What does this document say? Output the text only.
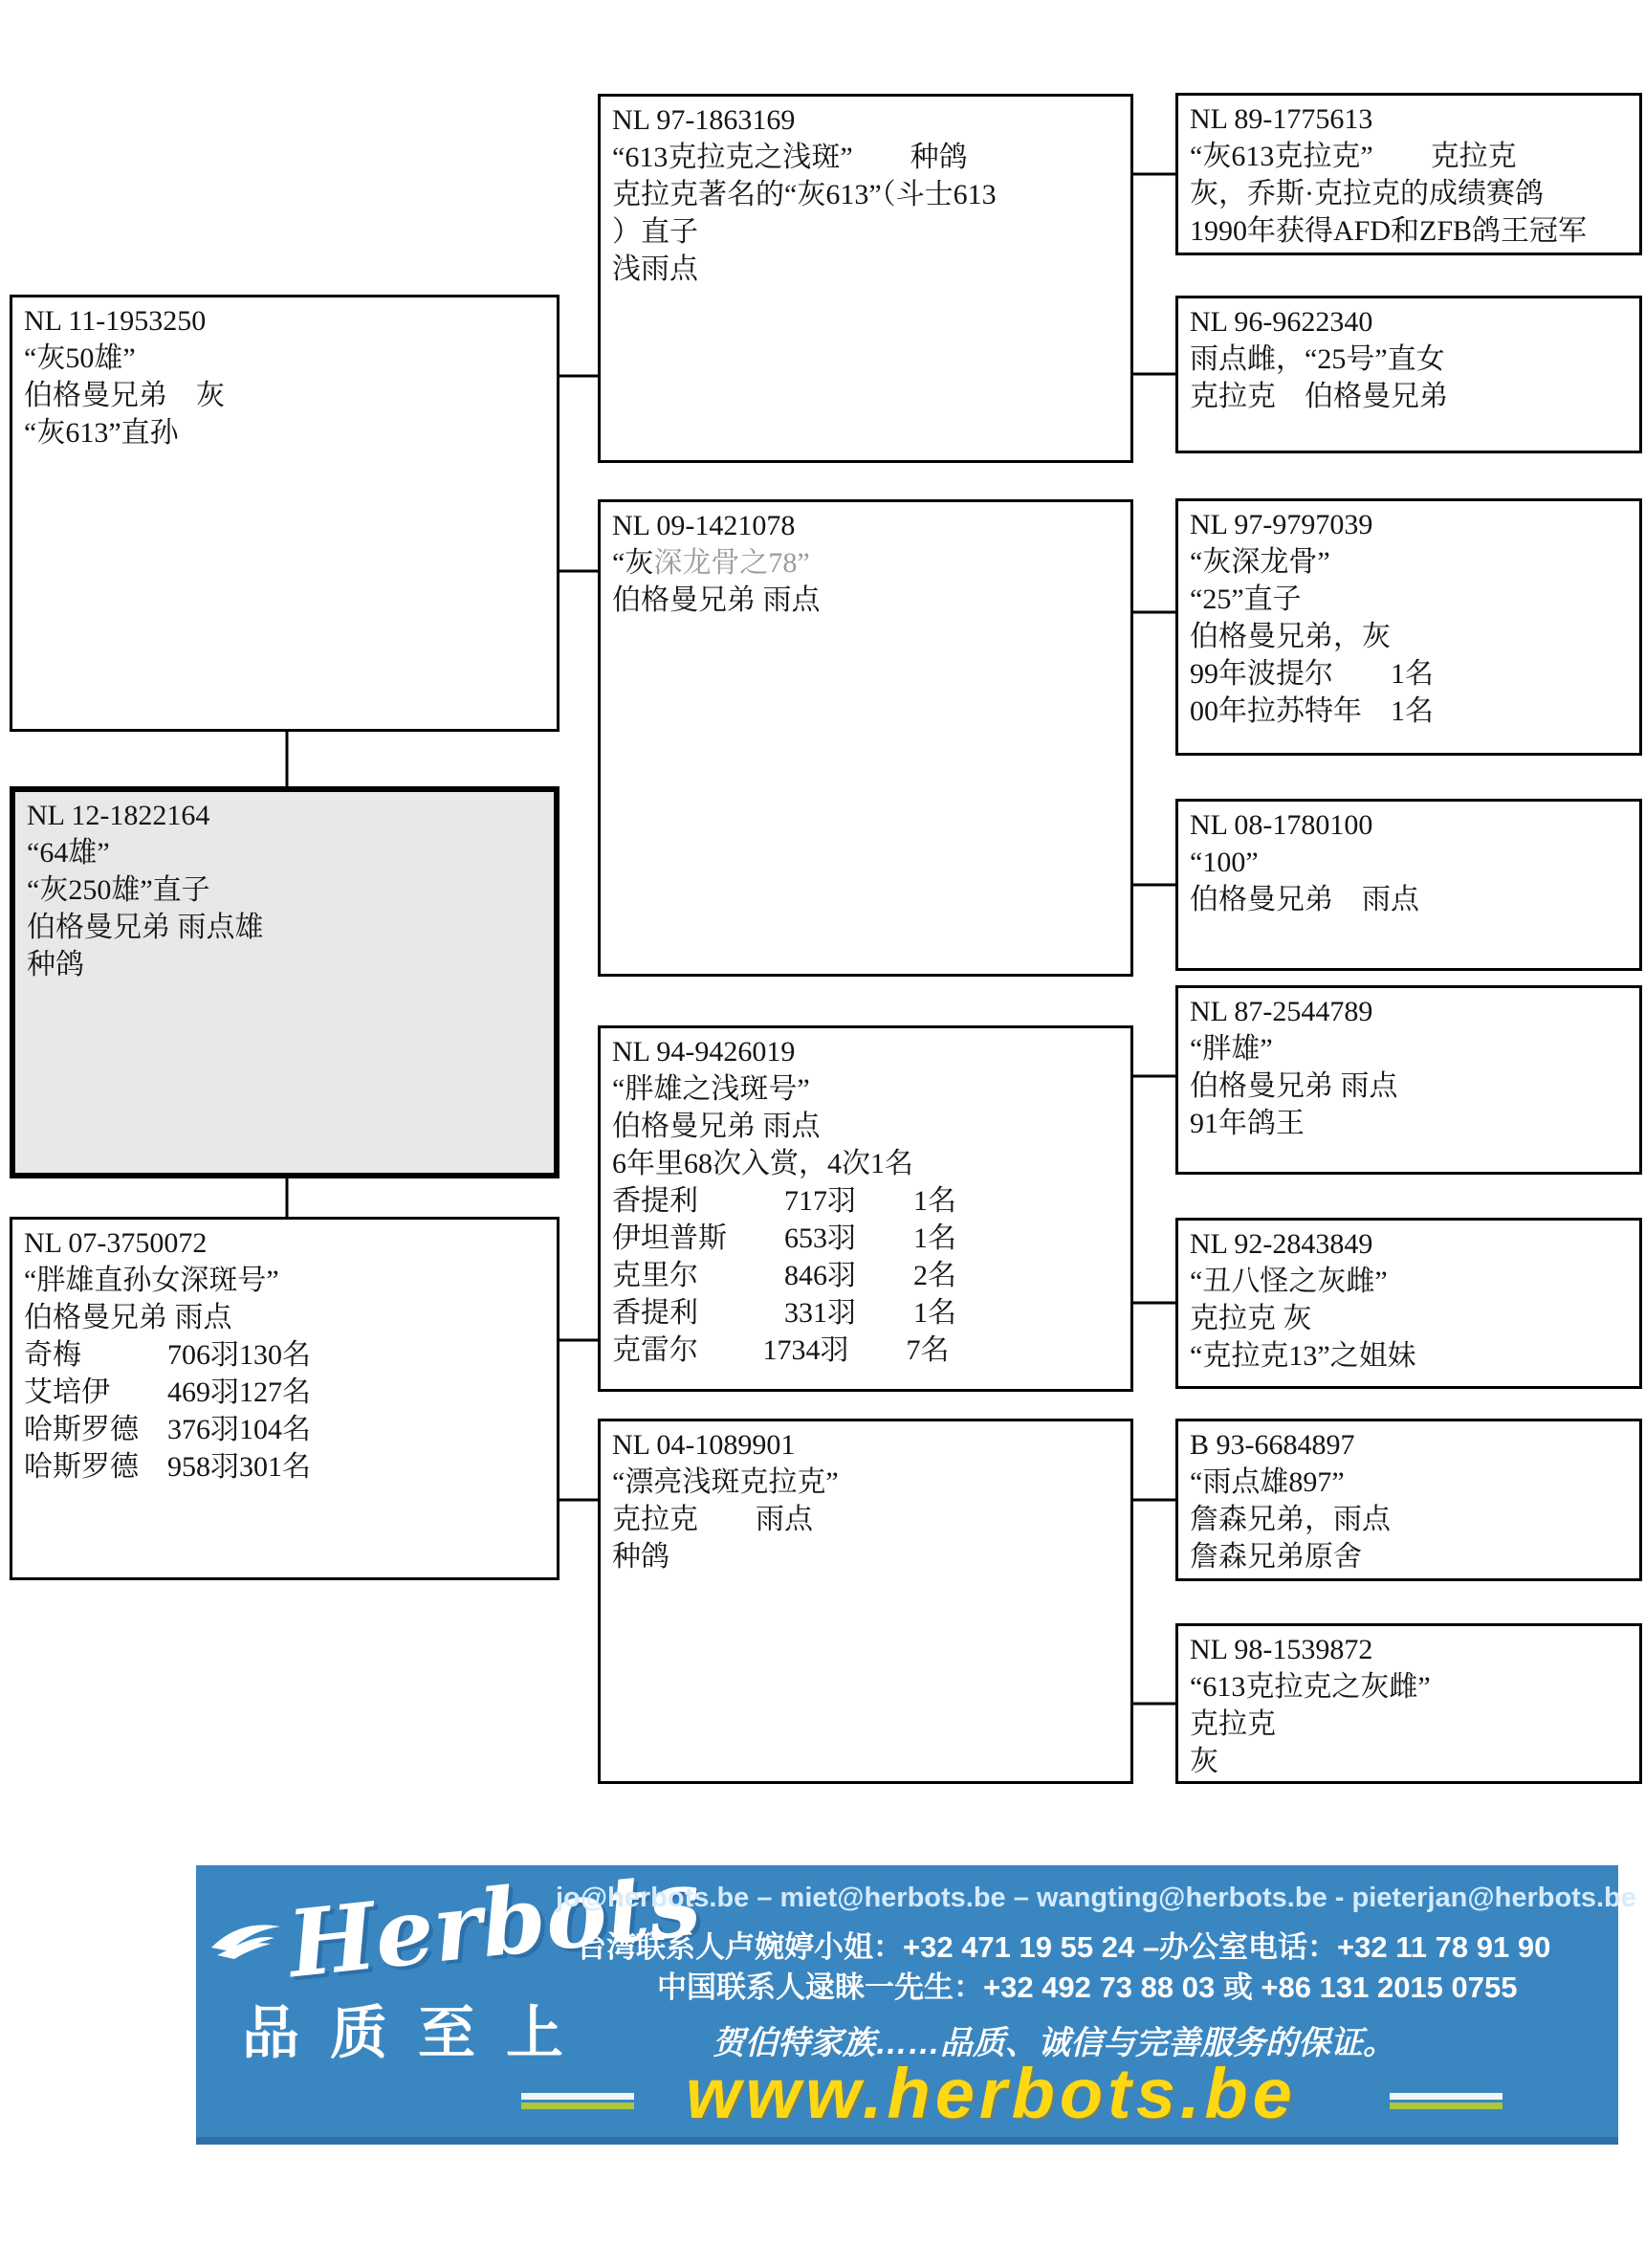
NL 11-1953250
“灰50雄”
伯格曼兄弟　灰
“灰613”直孙
NL 12-1822164
“64雄”
“灰250雄”直子
伯格曼兄弟 雨点雄
种鸽
NL 07-3750072
“胖雄直孙女深斑号”
伯格曼兄弟 雨点
奇梅　　　706羽130名
艾培伊　　469羽127名
哈斯罗德　376羽104名
哈斯罗德　958羽301名
NL 97-1863169
“613克拉克之浅斑”　　种鸽
克拉克著名的“灰613”（斗士613
）直子
浅雨点
NL 09-1421078
“灰深龙骨之78”
伯格曼兄弟 雨点
NL 94-9426019
“胖雄之浅斑号”
伯格曼兄弟 雨点
6年里68次入赏，4次1名
香提利　　　717羽　　1名
伊坦普斯　　653羽　　1名
克里尔　　　846羽　　2名
香提利　　　331羽　　1名
克雷尔　　 1734羽　　7名
NL 04-1089901
“漂亮浅斑克拉克”
克拉克　　雨点
种鸽
NL 89-1775613
“灰613克拉克”　　克拉克
灰，乔斯·克拉克的成绩赛鸽
1990年获得AFD和ZFB鸽王冠军
NL 96-9622340
雨点雌，“25号”直女
克拉克　伯格曼兄弟
NL 97-9797039
“灰深龙骨”
“25”直子
伯格曼兄弟，灰
99年波提尔　　1名
00年拉苏特年　1名
NL 08-1780100
“100”
伯格曼兄弟　雨点
NL 87-2544789
“胖雄”
伯格曼兄弟 雨点
91年鸽王
NL 92-2843849
“丑八怪之灰雌”
克拉克 灰
“克拉克13”之姐妹
B 93-6684897
“雨点雄897”
詹森兄弟，雨点
詹森兄弟原舍
NL 98-1539872
“613克拉克之灰雌”
克拉克
灰
Herbots
品质至上
jo@herbots.be – miet@herbots.be – wangting@herbots.be - pieterjan@herbots.be
台湾联系人卢婉婷小姐：+32 471 19 55 24 –办公室电话：+32 11 78 91 90
中国联系人逯睐一先生：+32 492 73 88 03 或 +86 131 2015 0755
贺伯特家族……品质、诚信与完善服务的保证。
www.herbots.be
